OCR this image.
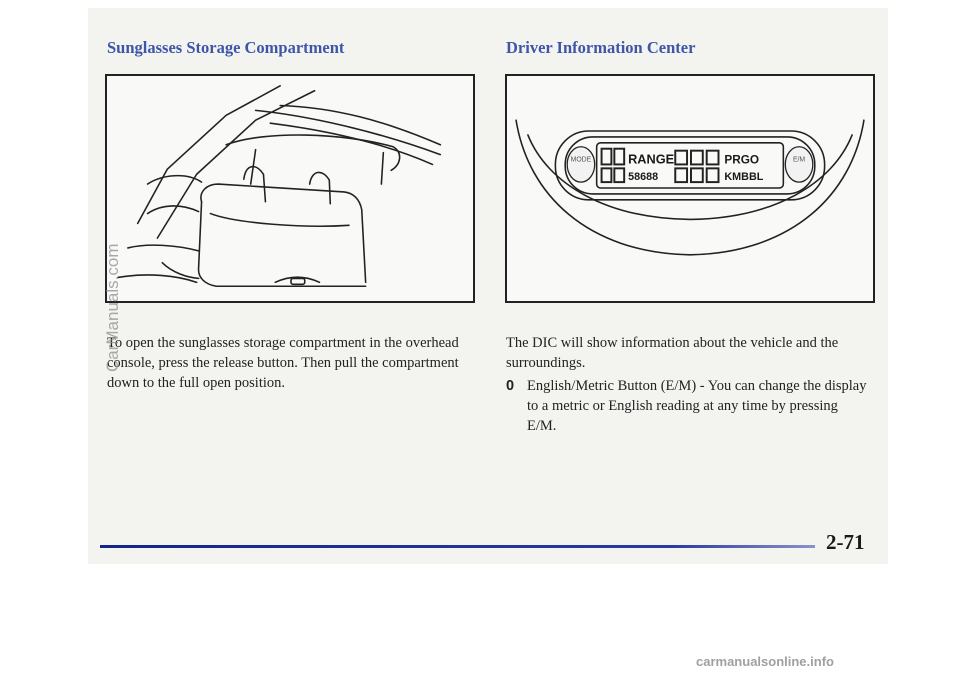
Sunglasses Storage Compartment	Driver Information Center
MODE	E/M
RANGE
58688
PRGO
KMBBL

To open the sunglasses storage compartment in the overhead console, press the release button. Then pull the compartment down to the full open position.

The DIC will show information about the vehicle and the surroundings.

0 English/Metric Button (E/M) - You can change the display to a metric or English reading at any time by pressing E/M.

2-71

CarManuals.com

carmanualsonline.info
